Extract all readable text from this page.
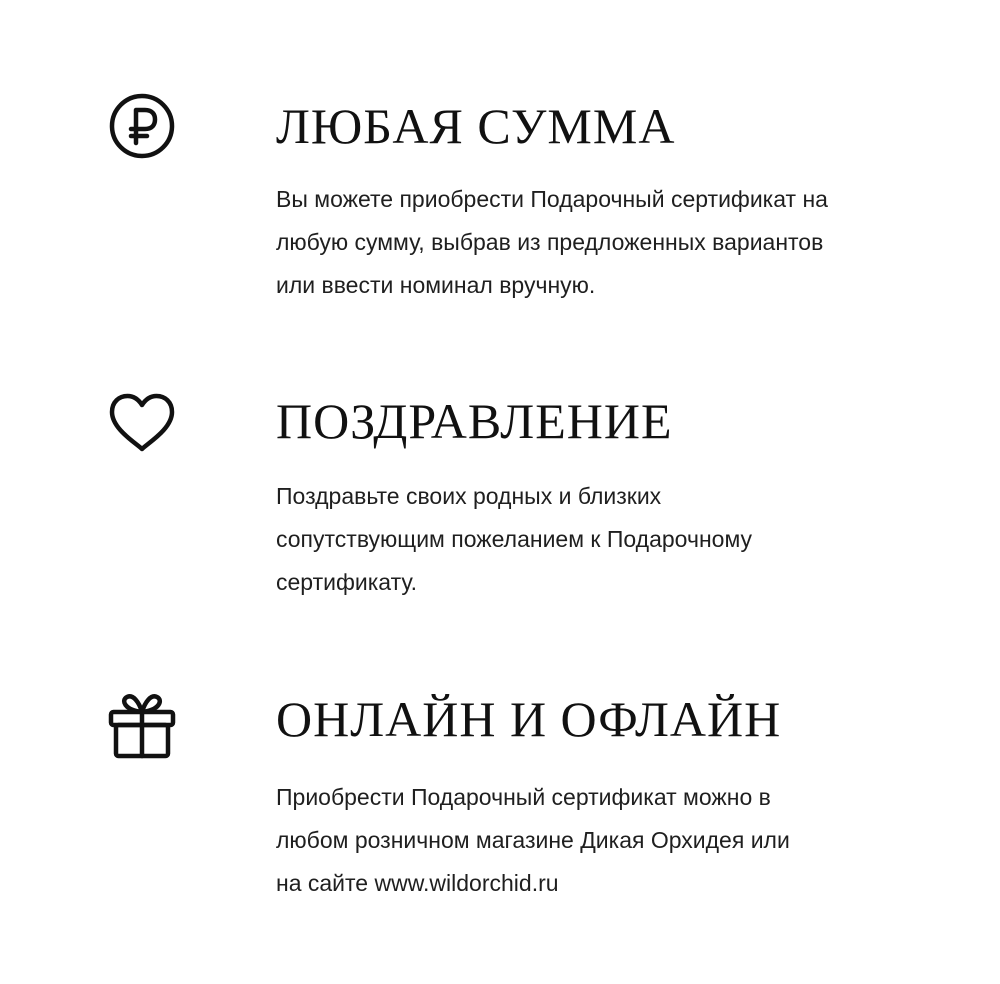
ЛЮБАЯ СУММА

Вы можете приобрести Подарочный сертификат на
любую сумму, выбрав из предложенных вариантов
или ввести номинал вручную.

ПОЗДРАВЛЕНИЕ

Поздравьте своих родных и близких
сопутствующим пожеланием к Подарочному
сертификату.

ОНЛАЙН И ОФЛАЙН

Приобрести Подарочный сертификат можно в
любом розничном магазине Дикая Орхидея или
на сайте www.wildorchid.ru
